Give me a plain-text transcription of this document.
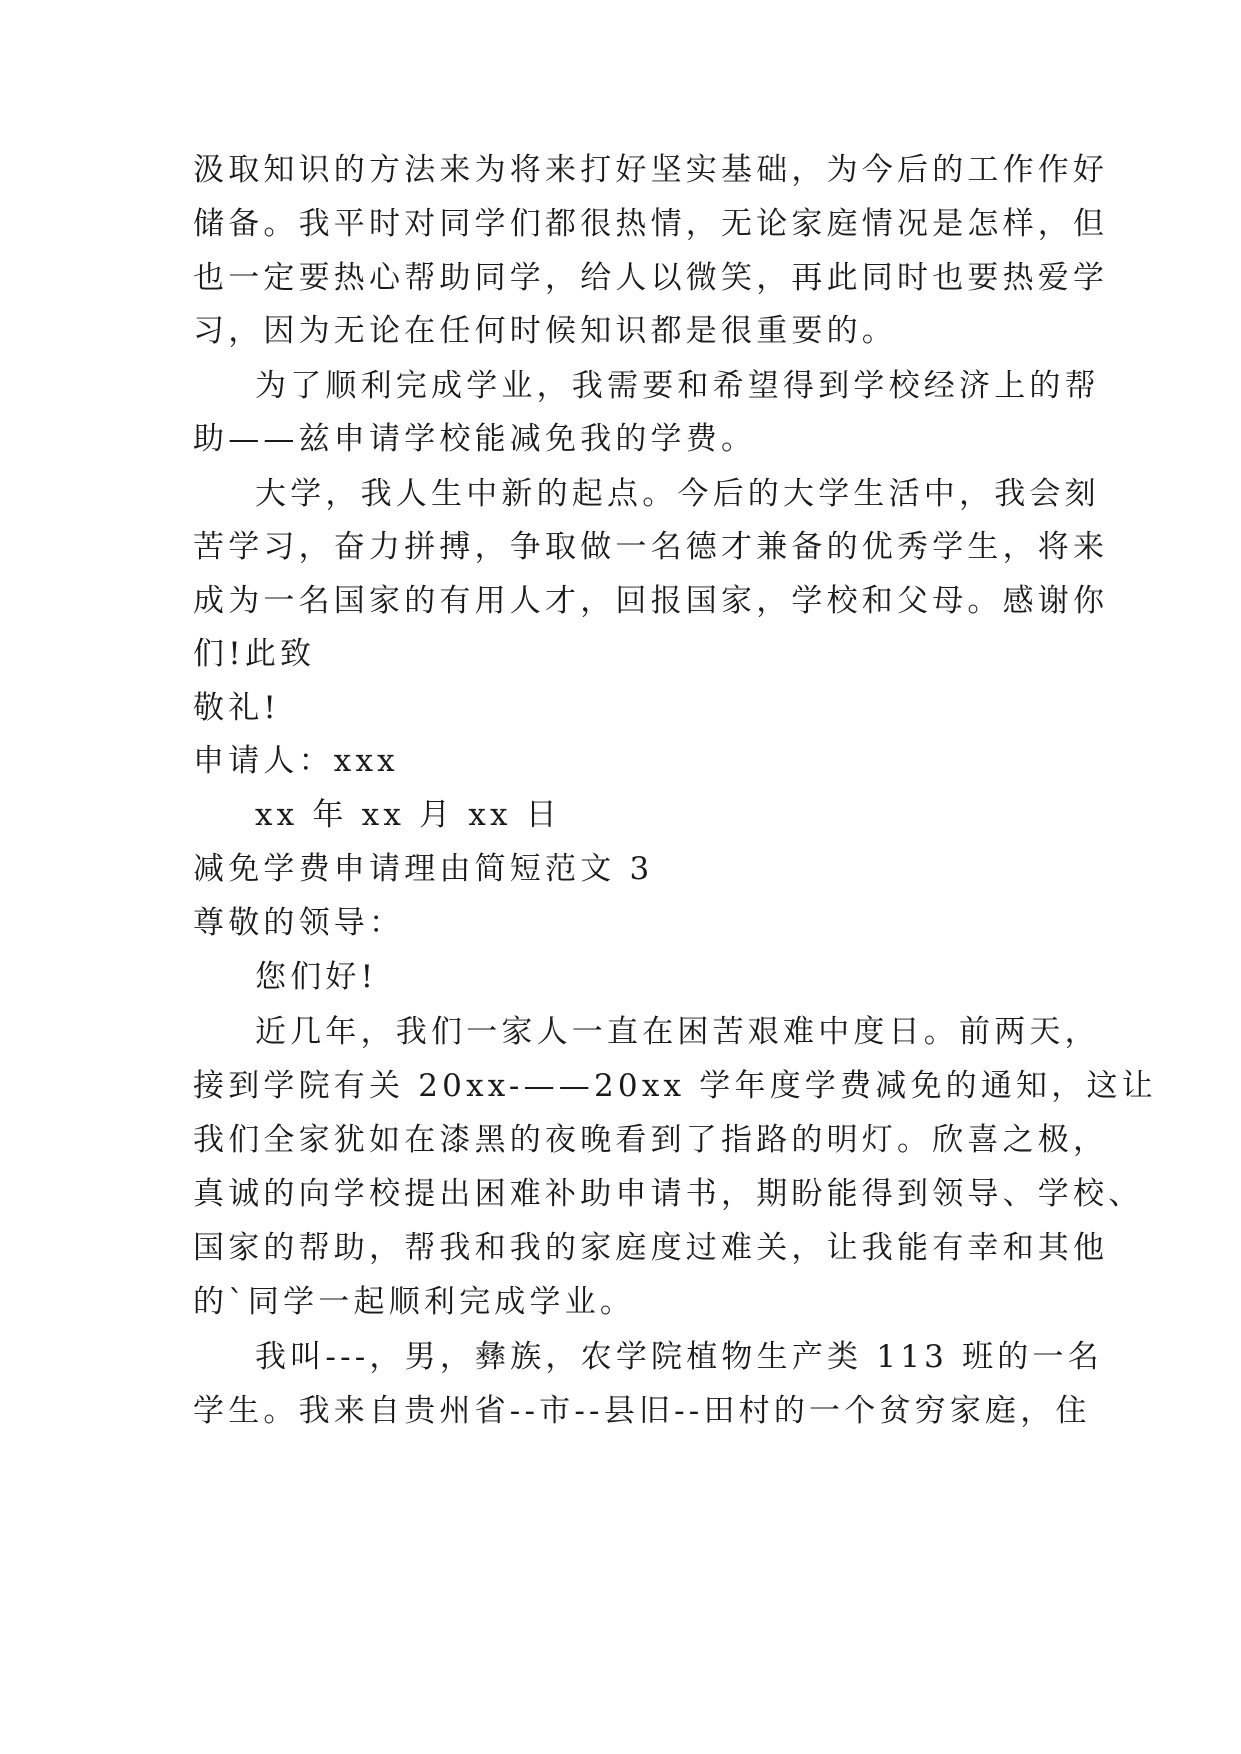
汲取知识的方法来为将来打好坚实基础，为今后的工作作好

储备。我平时对同学们都很热情，无论家庭情况是怎样，但

也一定要热心帮助同学，给人以微笑，再此同时也要热爱学

习，因为无论在任何时候知识都是很重要的。

为了顺利完成学业，我需要和希望得到学校经济上的帮

助——兹申请学校能减免我的学费。

大学，我人生中新的起点。今后的大学生活中，我会刻

苦学习，奋力拼搏，争取做一名德才兼备的优秀学生，将来

成为一名国家的有用人才，回报国家，学校和父母。感谢你

们!此致

敬礼!

申请人：xxx

xx 年 xx 月 xx 日

减免学费申请理由简短范文 3

尊敬的领导：

您们好!

近几年，我们一家人一直在困苦艰难中度日。前两天，

接到学院有关 20xx-——20xx 学年度学费减免的通知，这让

我们全家犹如在漆黑的夜晚看到了指路的明灯。欣喜之极，

真诚的向学校提出困难补助申请书，期盼能得到领导、学校、

国家的帮助，帮我和我的家庭度过难关，让我能有幸和其他

的`同学一起顺利完成学业。

我叫---，男，彝族，农学院植物生产类 113 班的一名

学生。我来自贵州省--市--县旧--田村的一个贫穷家庭，住
